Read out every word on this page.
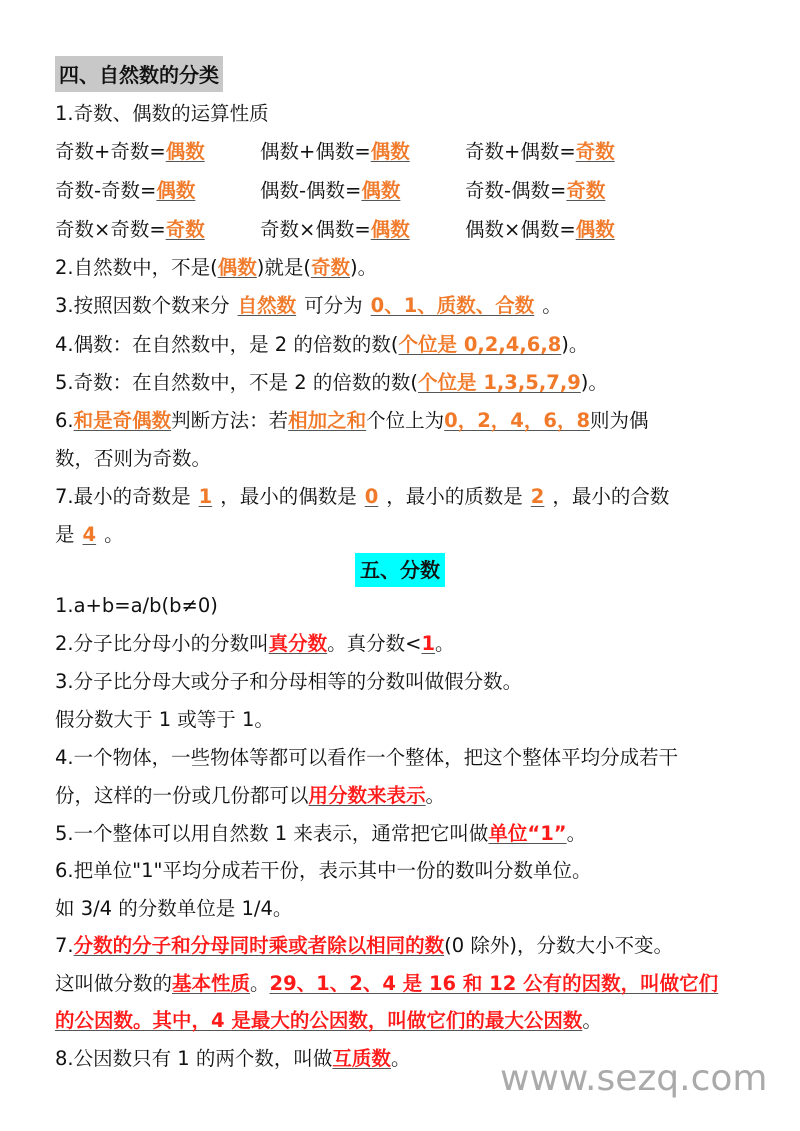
四、自然数的分类
五、分数
1.奇数、偶数的运算性质
奇数+奇数=偶数	偶数+偶数=偶数	奇数+偶数=奇数
奇数-奇数=偶数	偶数-偶数=偶数	奇数-偶数=奇数
奇数×奇数=奇数	奇数×偶数=偶数	偶数×偶数=偶数
2.自然数中，不是(偶数)就是(奇数)。
3.按照因数个数来分 自然数 可分为 0、1、质数、合数 。
4.偶数：在自然数中，是 2 的倍数的数(个位是 0,2,4,6,8)。
5.奇数：在自然数中，不是 2 的倍数的数(个位是 1,3,5,7,9)。
6.和是奇偶数判断方法：若相加之和个位上为0，2，4，6，8则为偶
数，否则为奇数。
7.最小的奇数是 1 ，最小的偶数是 0 ，最小的质数是 2 ，最小的合数
是 4 。
1.a+b=a/b(b≠0)
2.分子比分母小的分数叫真分数。真分数<1。
3.分子比分母大或分子和分母相等的分数叫做假分数。
假分数大于 1 或等于 1。
4.一个物体，一些物体等都可以看作一个整体，把这个整体平均分成若干
份，这样的一份或几份都可以用分数来表示。
5.一个整体可以用自然数 1 来表示，通常把它叫做单位“1”。
6.把单位"1"平均分成若干份，表示其中一份的数叫分数单位。
如 3/4 的分数单位是 1/4。
7.分数的分子和分母同时乘或者除以相同的数(0 除外)，分数大小不变。
这叫做分数的基本性质。29、1、2、4 是 16 和 12 公有的因数，叫做它们
的公因数。其中，4 是最大的公因数，叫做它们的最大公因数。
8.公因数只有 1 的两个数，叫做互质数。 www.sezq.com
